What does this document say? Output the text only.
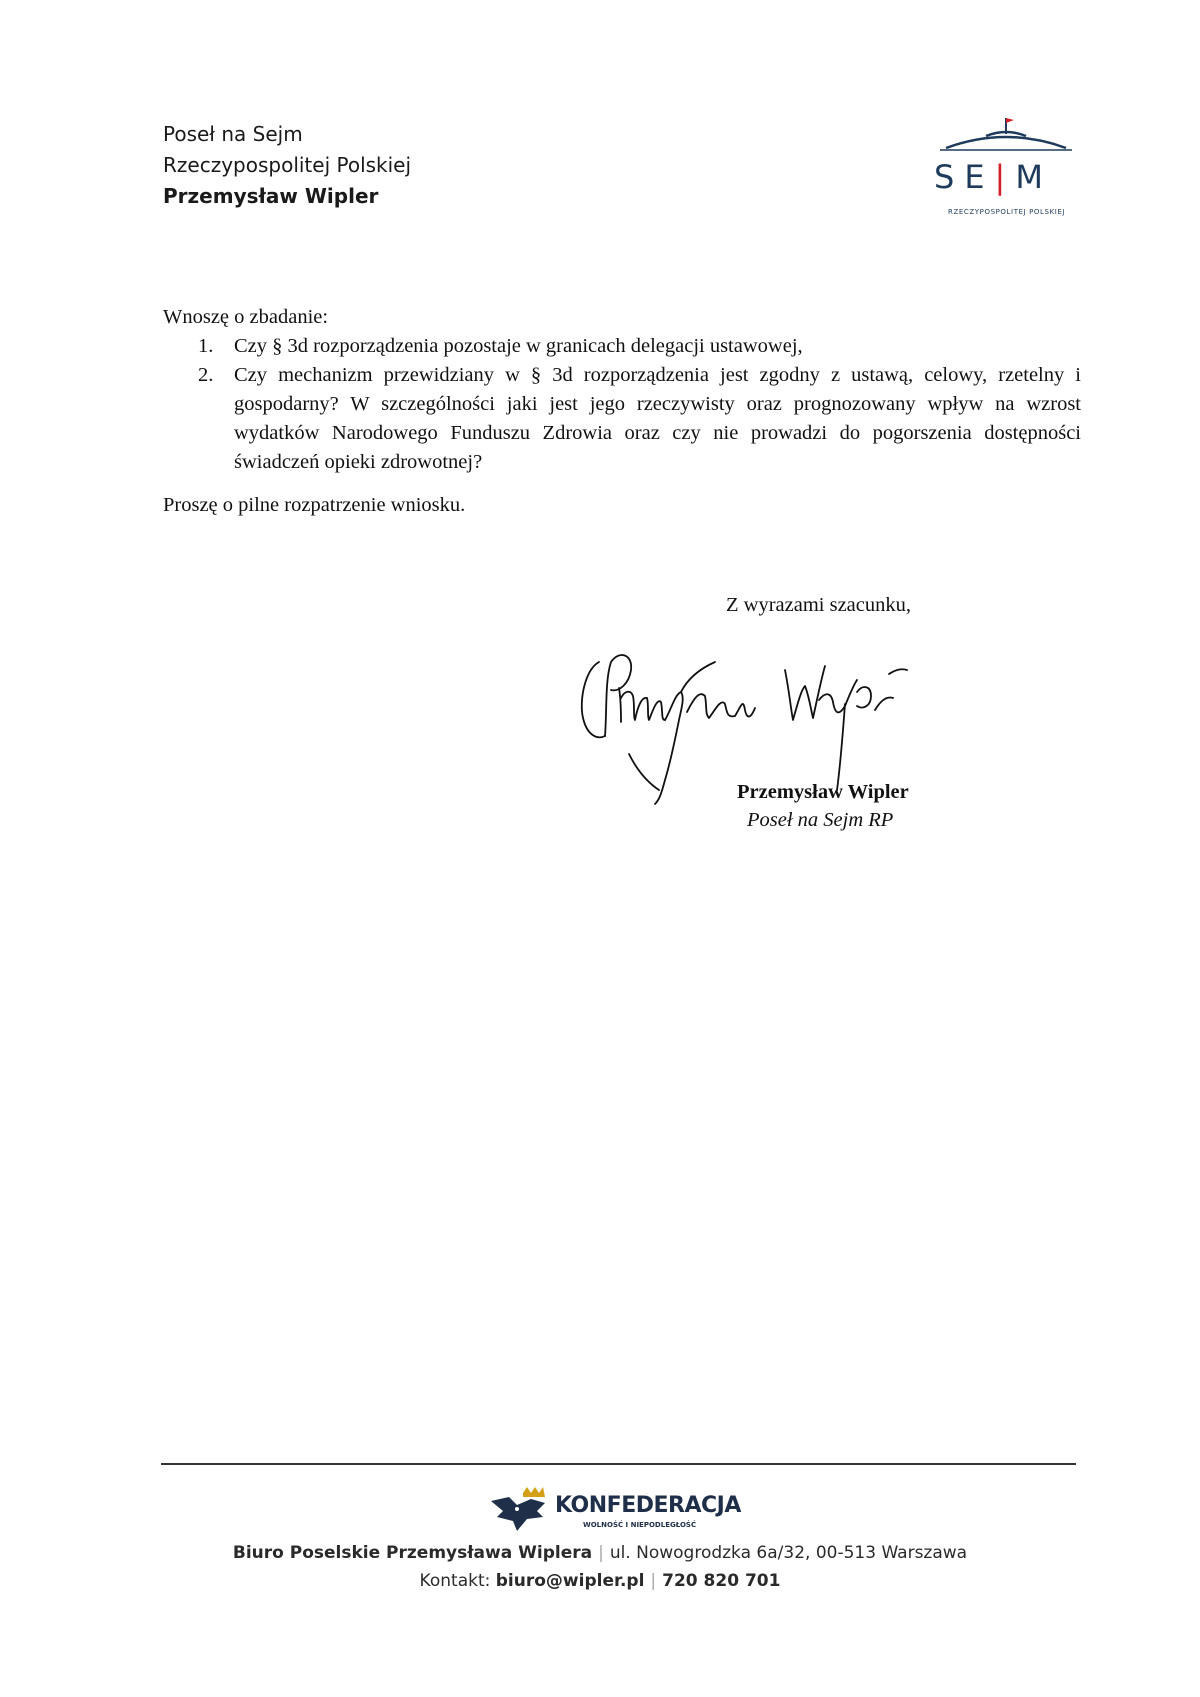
Poseł na Sejm
Rzeczypospolitej Polskiej
Przemysław Wipler	SE|M
RZECZYPOSPOLITEJ POLSKIEJ

Wnoszę o zbadanie:

1. Czy § 3d rozporządzenia pozostaje w granicach delegacji ustawowej,
2. Czy mechanizm przewidziany w § 3d rozporządzenia jest zgodny z ustawą, celowy, rzetelny i gospodarny? W szczególności jaki jest jego rzeczywisty oraz prognozowany wpływ na wzrost wydatków Narodowego Funduszu Zdrowia oraz czy nie prowadzi do pogorszenia dostępności świadczeń opieki zdrowotnej?

Proszę o pilne rozpatrzenie wniosku.

Z wyrazami szacunku,
Przemysław Wipler
Poseł na Sejm RP
KONFEDERACJA
WOLNOŚĆ I NIEPODLEGŁOŚĆ
Biuro Poselskie Przemysława Wiplera | ul. Nowogrodzka 6a/32, 00-513 Warszawa
Kontakt: biuro@wipler.pl | 720 820 701
